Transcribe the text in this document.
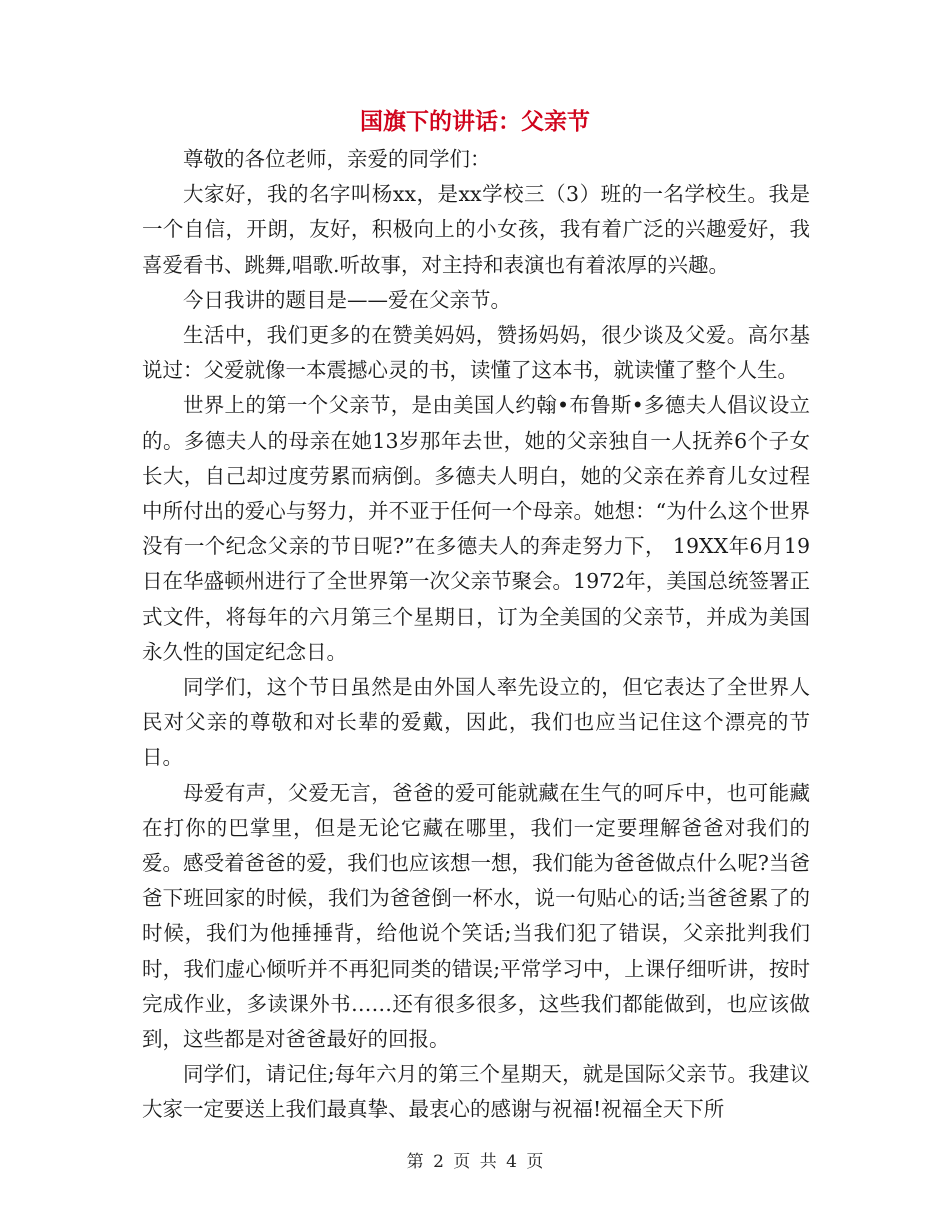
国旗下的讲话：父亲节

尊敬的各位老师，亲爱的同学们：

大家好，我的名字叫杨xx，是xx学校三（3）班的一名学校生。我是一个自信，开朗，友好，积极向上的小女孩，我有着广泛的兴趣爱好，我喜爱看书、跳舞,唱歌.听故事，对主持和表演也有着浓厚的兴趣。

今日我讲的题目是——爱在父亲节。

生活中，我们更多的在赞美妈妈，赞扬妈妈，很少谈及父爱。高尔基说过：父爱就像一本震撼心灵的书，读懂了这本书，就读懂了整个人生。

世界上的第一个父亲节，是由美国人约翰•布鲁斯•多德夫人倡议设立的。多德夫人的母亲在她13岁那年去世，她的父亲独自一人抚养6个子女长大，自己却过度劳累而病倒。多德夫人明白，她的父亲在养育儿女过程中所付出的爱心与努力，并不亚于任何一个母亲。她想：“为什么这个世界没有一个纪念父亲的节日呢?”在多德夫人的奔走努力下， 19XX年6月19日在华盛顿州进行了全世界第一次父亲节聚会。1972年，美国总统签署正式文件，将每年的六月第三个星期日，订为全美国的父亲节，并成为美国永久性的国定纪念日。

同学们，这个节日虽然是由外国人率先设立的，但它表达了全世界人民对父亲的尊敬和对长辈的爱戴，因此，我们也应当记住这个漂亮的节日。

母爱有声，父爱无言，爸爸的爱可能就藏在生气的呵斥中，也可能藏在打你的巴掌里，但是无论它藏在哪里，我们一定要理解爸爸对我们的爱。感受着爸爸的爱，我们也应该想一想，我们能为爸爸做点什么呢?当爸爸下班回家的时候，我们为爸爸倒一杯水，说一句贴心的话;当爸爸累了的时候，我们为他捶捶背，给他说个笑话;当我们犯了错误，父亲批判我们时，我们虚心倾听并不再犯同类的错误;平常学习中，上课仔细听讲，按时完成作业，多读课外书……还有很多很多，这些我们都能做到，也应该做到，这些都是对爸爸最好的回报。

同学们，请记住;每年六月的第三个星期天，就是国际父亲节。我建议大家一定要送上我们最真挚、最衷心的感谢与祝福!祝福全天下所

第 2 页 共 4 页
